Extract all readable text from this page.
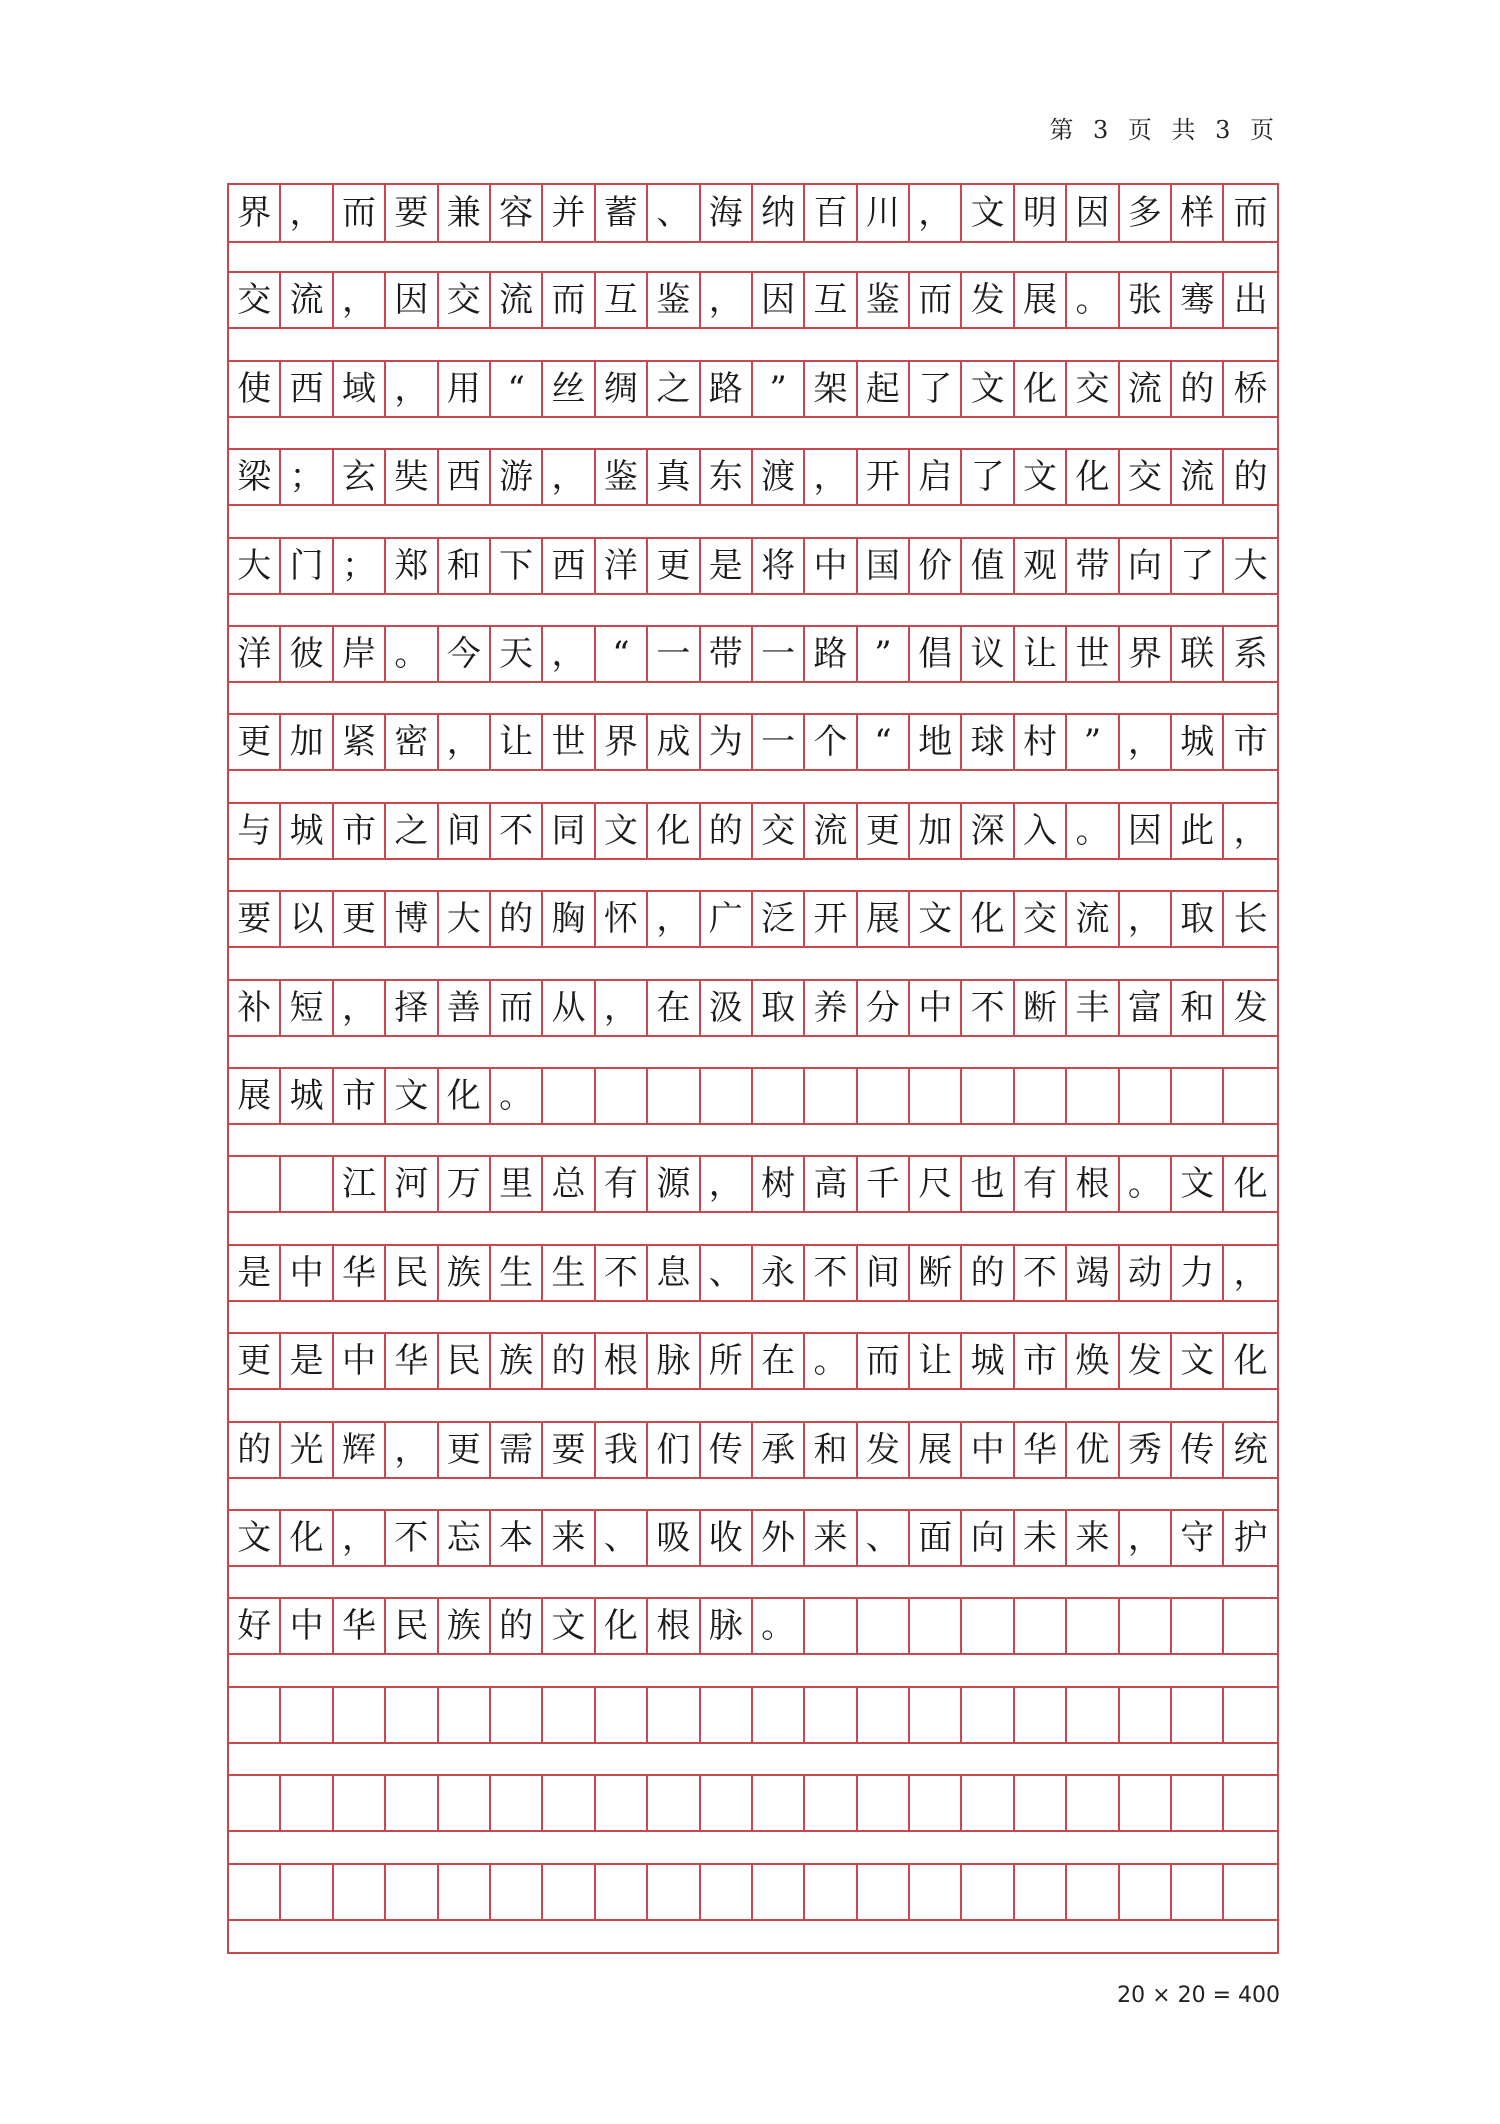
第 3 页 共 3 页
界 ， 而 要 兼 容 并 蓄 、 海 纳 百 川 ， 文 明 因 多 样 而
交 流 ， 因 交 流 而 互 鉴 ， 因 互 鉴 而 发 展 。 张 骞 出
使 西 域 ， 用 “ 丝 绸 之 路 ” 架 起 了 文 化 交 流 的 桥
梁 ； 玄 奘 西 游 ， 鉴 真 东 渡 ， 开 启 了 文 化 交 流 的
大 门 ； 郑 和 下 西 洋 更 是 将 中 国 价 值 观 带 向 了 大
洋 彼 岸 。 今 天 ， “ 一 带 一 路 ” 倡 议 让 世 界 联 系
更 加 紧 密 ， 让 世 界 成 为 一 个 “ 地 球 村 ” ， 城 市
与 城 市 之 间 不 同 文 化 的 交 流 更 加 深 入 。 因 此 ，
要 以 更 博 大 的 胸 怀 ， 广 泛 开 展 文 化 交 流 ， 取 长
补 短 ， 择 善 而 从 ， 在 汲 取 养 分 中 不 断 丰 富 和 发
展 城 市 文 化 。
江 河 万 里 总 有 源 ， 树 高 千 尺 也 有 根 。 文 化
是 中 华 民 族 生 生 不 息 、 永 不 间 断 的 不 竭 动 力 ，
更 是 中 华 民 族 的 根 脉 所 在 。 而 让 城 市 焕 发 文 化
的 光 辉 ， 更 需 要 我 们 传 承 和 发 展 中 华 优 秀 传 统
文 化 ， 不 忘 本 来 、 吸 收 外 来 、 面 向 未 来 ， 守 护
好 中 华 民 族 的 文 化 根 脉 。
20 × 20 = 400
